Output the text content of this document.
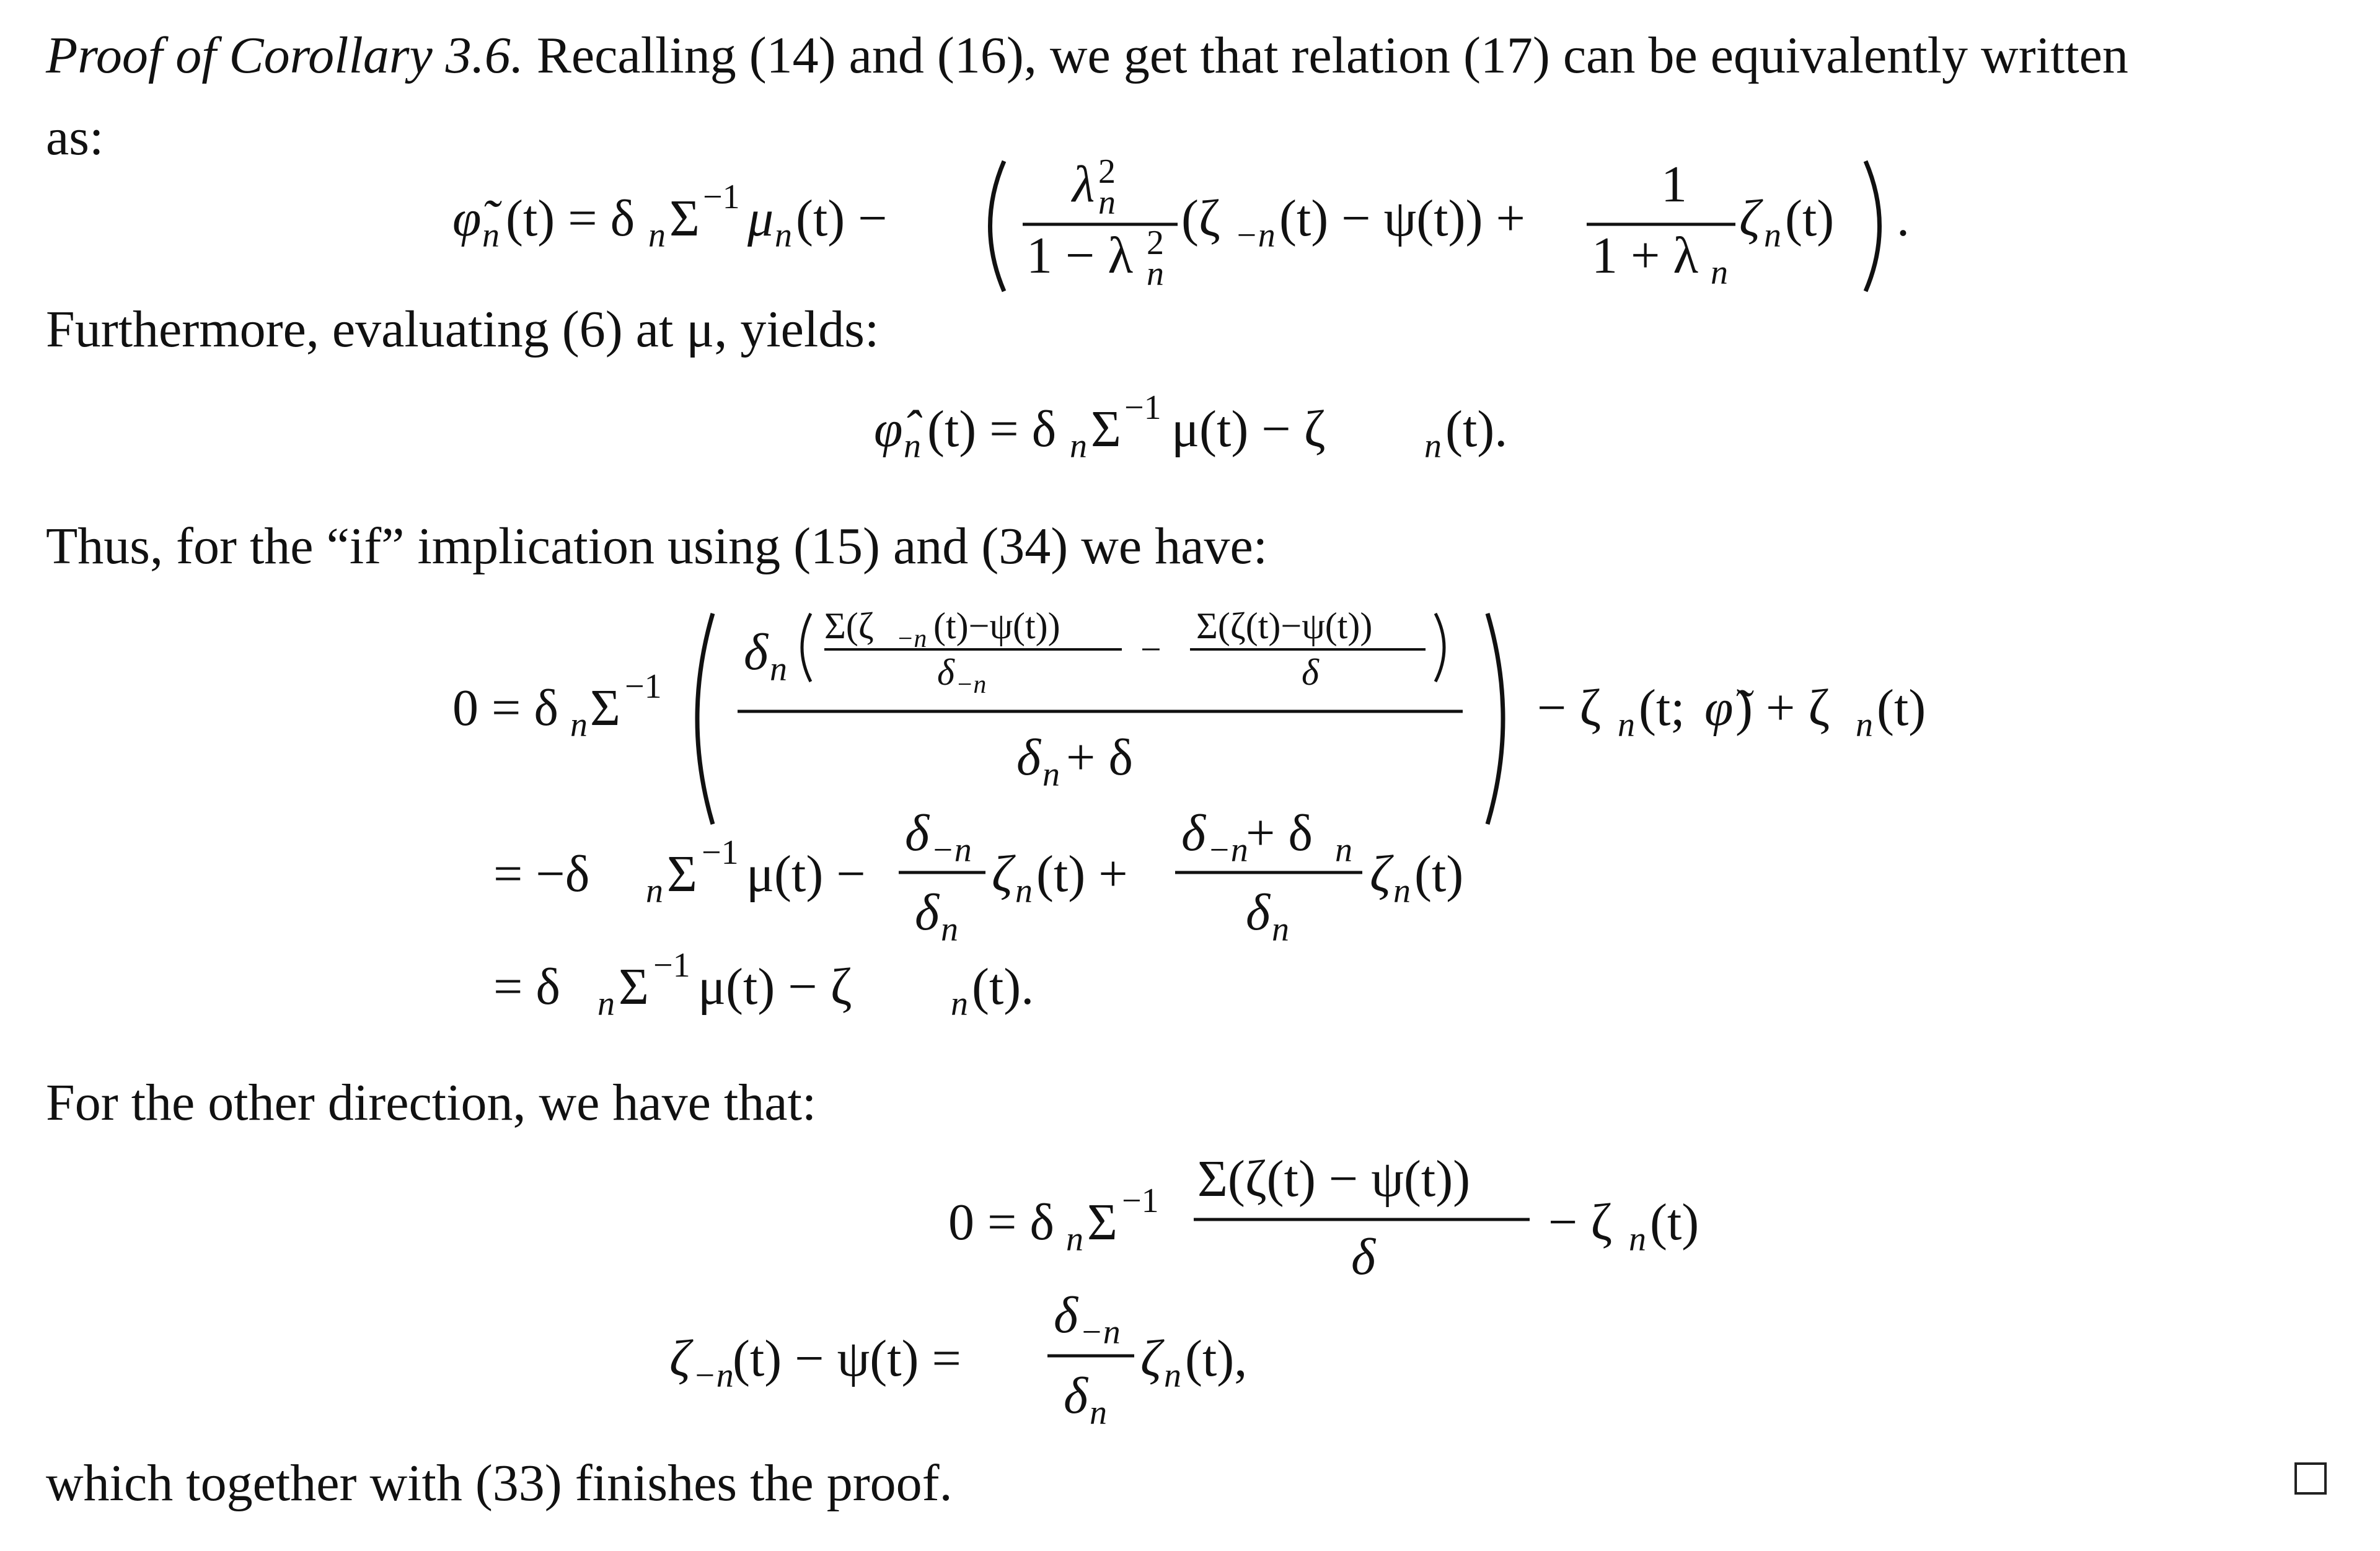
Proof of Corollary 3.6. Recalling (14) and (16), we get that relation (17) can be equivalently written
as:
φ̃ n (t) = δ n Σ −1 μ n (t) −
λ 2
n
1 − λ 2
n
(ζ −n (t) − ψ(t)) +
1
1 + λ n
ζ n (t) .
Furthermore, evaluating (6) at μ, yields:
φ̂ n (t) = δ n Σ −1 μ(t) − ζ	n (t).
Thus, for the “if” implication using (15) and (34) we have:
0 = δ n Σ −1
δ n
Σ(ζ −n (t)−ψ(t))
δ −n
−
Σ(ζ(t)−ψ(t))
δ
δ n + δ
− ζ n (t; φ̃ ) + ζ n (t)
= −δ n Σ −1 μ(t) −
δ −n
δ n
ζ n (t) +
δ −n
+ δ n
δ n
ζ n (t)
= δ n Σ −1 μ(t) − ζ	n (t).
For the other direction, we have that:
0 = δ n Σ −1 Σ(ζ(t) − ψ(t))
δ
− ζ n (t)
ζ −n
(t) − ψ(t) =
δ −n
δ n
ζ n (t),
which together with (33) finishes the proof.
